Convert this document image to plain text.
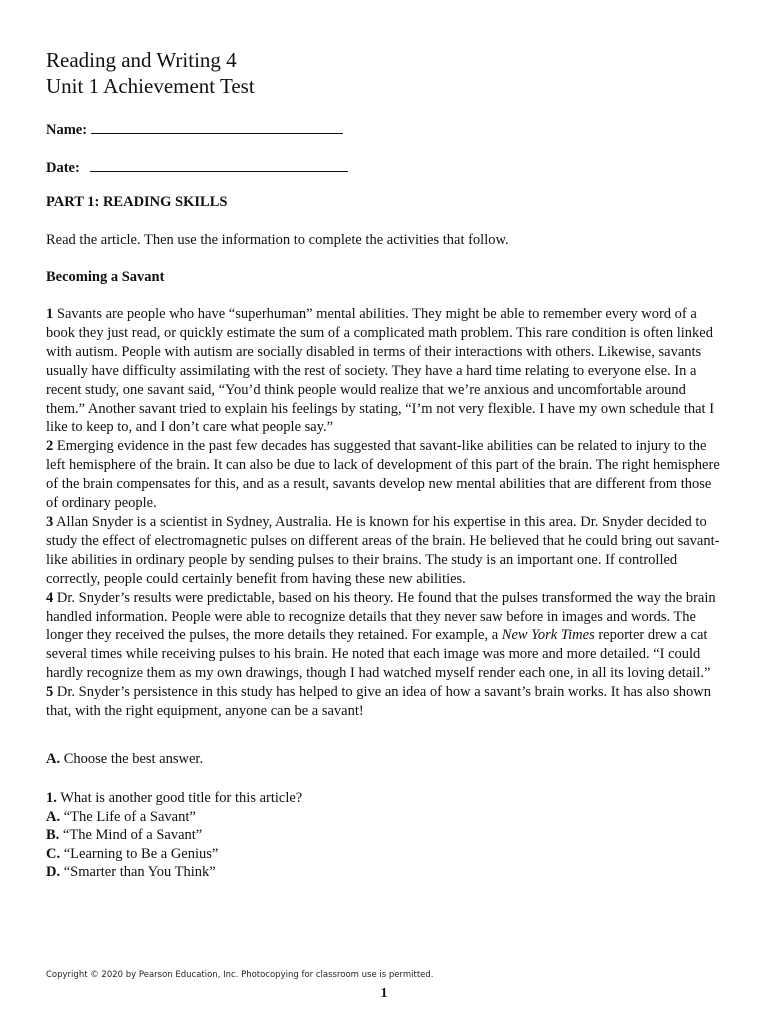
Reading and Writing 4
Unit 1 Achievement Test
Name:
Date:
PART 1: READING SKILLS
Read the article. Then use the information to complete the activities that follow.
Becoming a Savant

1 Savants are people who have “superhuman” mental abilities. They might be able to remember every word of a book they just read, or quickly estimate the sum of a complicated math problem. This rare condition is often linked with autism. People with autism are socially disabled in terms of their interactions with others. Likewise, savants usually have difficulty assimilating with the rest of society. They have a hard time relating to everyone else. In a recent study, one savant said, “You’d think people would realize that we’re anxious and uncomfortable around them.” Another savant tried to explain his feelings by stating, “I’m not very flexible. I have my own schedule that I like to keep to, and I don’t care what people say.”

2 Emerging evidence in the past few decades has suggested that savant-like abilities can be related to injury to the left hemisphere of the brain. It can also be due to lack of development of this part of the brain. The right hemisphere of the brain compensates for this, and as a result, savants develop new mental abilities that are different from those of ordinary people.

3 Allan Snyder is a scientist in Sydney, Australia. He is known for his expertise in this area. Dr. Snyder decided to study the effect of electromagnetic pulses on different areas of the brain. He believed that he could bring out savant-like abilities in ordinary people by sending pulses to their brains. The study is an important one. If controlled correctly, people could certainly benefit from having these new abilities.

4 Dr. Snyder’s results were predictable, based on his theory. He found that the pulses transformed the way the brain handled information. People were able to recognize details that they never saw before in images and words. The longer they received the pulses, the more details they retained. For example, a New York Times reporter drew a cat several times while receiving pulses to his brain. He noted that each image was more and more detailed. “I could hardly recognize them as my own drawings, though I had watched myself render each one, in all its loving detail.”

5 Dr. Snyder’s persistence in this study has helped to give an idea of how a savant’s brain works. It has also shown that, with the right equipment, anyone can be a savant!

A. Choose the best answer.
1. What is another good title for this article?
A. “The Life of a Savant”
B. “The Mind of a Savant”
C. “Learning to Be a Genius”
D. “Smarter than You Think”
Copyright © 2020 by Pearson Education, Inc. Photocopying for classroom use is permitted.
1
